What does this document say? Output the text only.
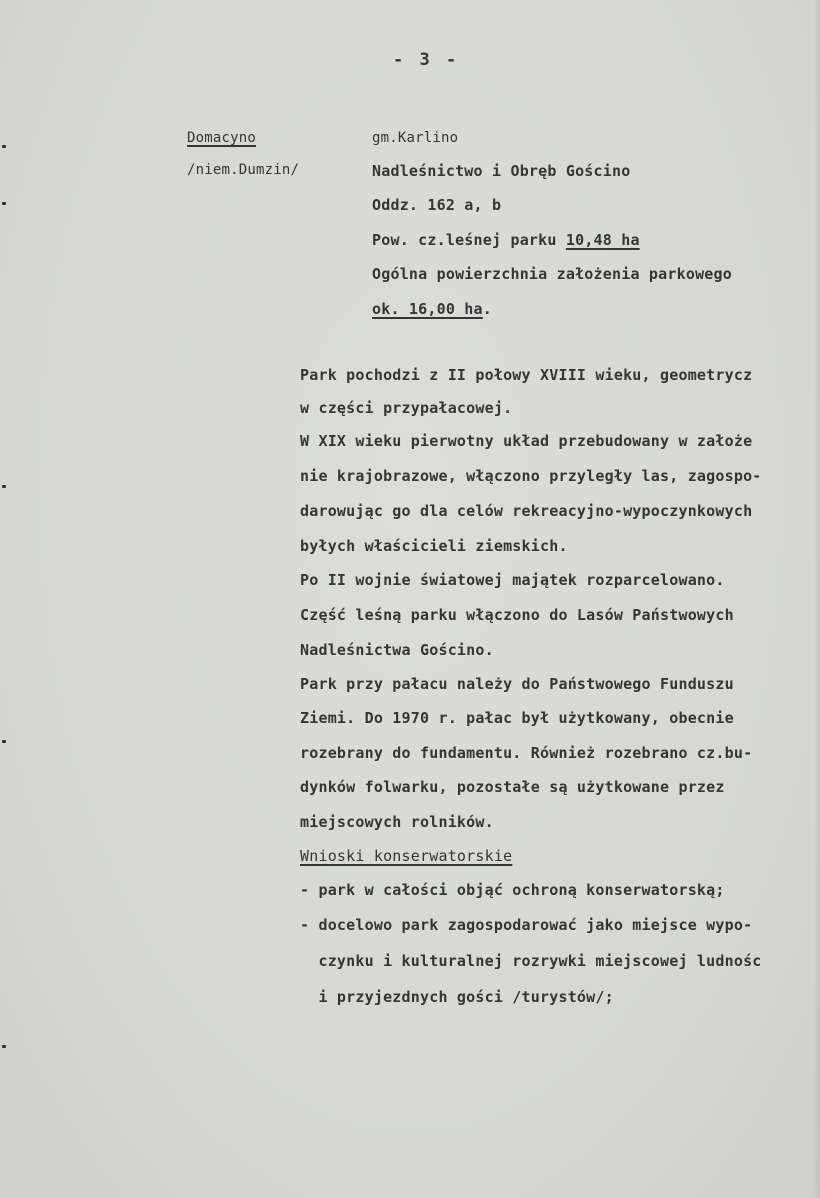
- 3 -
Domacyno
/niem.Dumzin/
gm.Karlino
Nadleśnictwo i Obręb Gościno
Oddz. 162 a, b
Pow. cz.leśnej parku 10,48 ha
Ogólna powierzchnia założenia parkowego
ok. 16,00 ha.
Park pochodzi z II połowy XVIII wieku, geometrycz
w części przypałacowej.
W XIX wieku pierwotny układ przebudowany w założe
nie krajobrazowe, włączono przyległy las, zagospo-
darowując go dla celów rekreacyjno-wypoczynkowych
byłych właścicieli ziemskich.
Po II wojnie światowej majątek rozparcelowano.
Część leśną parku włączono do Lasów Państwowych
Nadleśnictwa Gościno.
Park przy pałacu należy do Państwowego Funduszu
Ziemi. Do 1970 r. pałac był użytkowany, obecnie
rozebrany do fundamentu. Również rozebrano cz.bu-
dynków folwarku, pozostałe są użytkowane przez
miejscowych rolników.
Wnioski konserwatorskie
- park w całości objąć ochroną konserwatorską;
- docelowo park zagospodarować jako miejsce wypo-
czynku i kulturalnej rozrywki miejscowej ludnośc
i przyjezdnych gości /turystów/;
